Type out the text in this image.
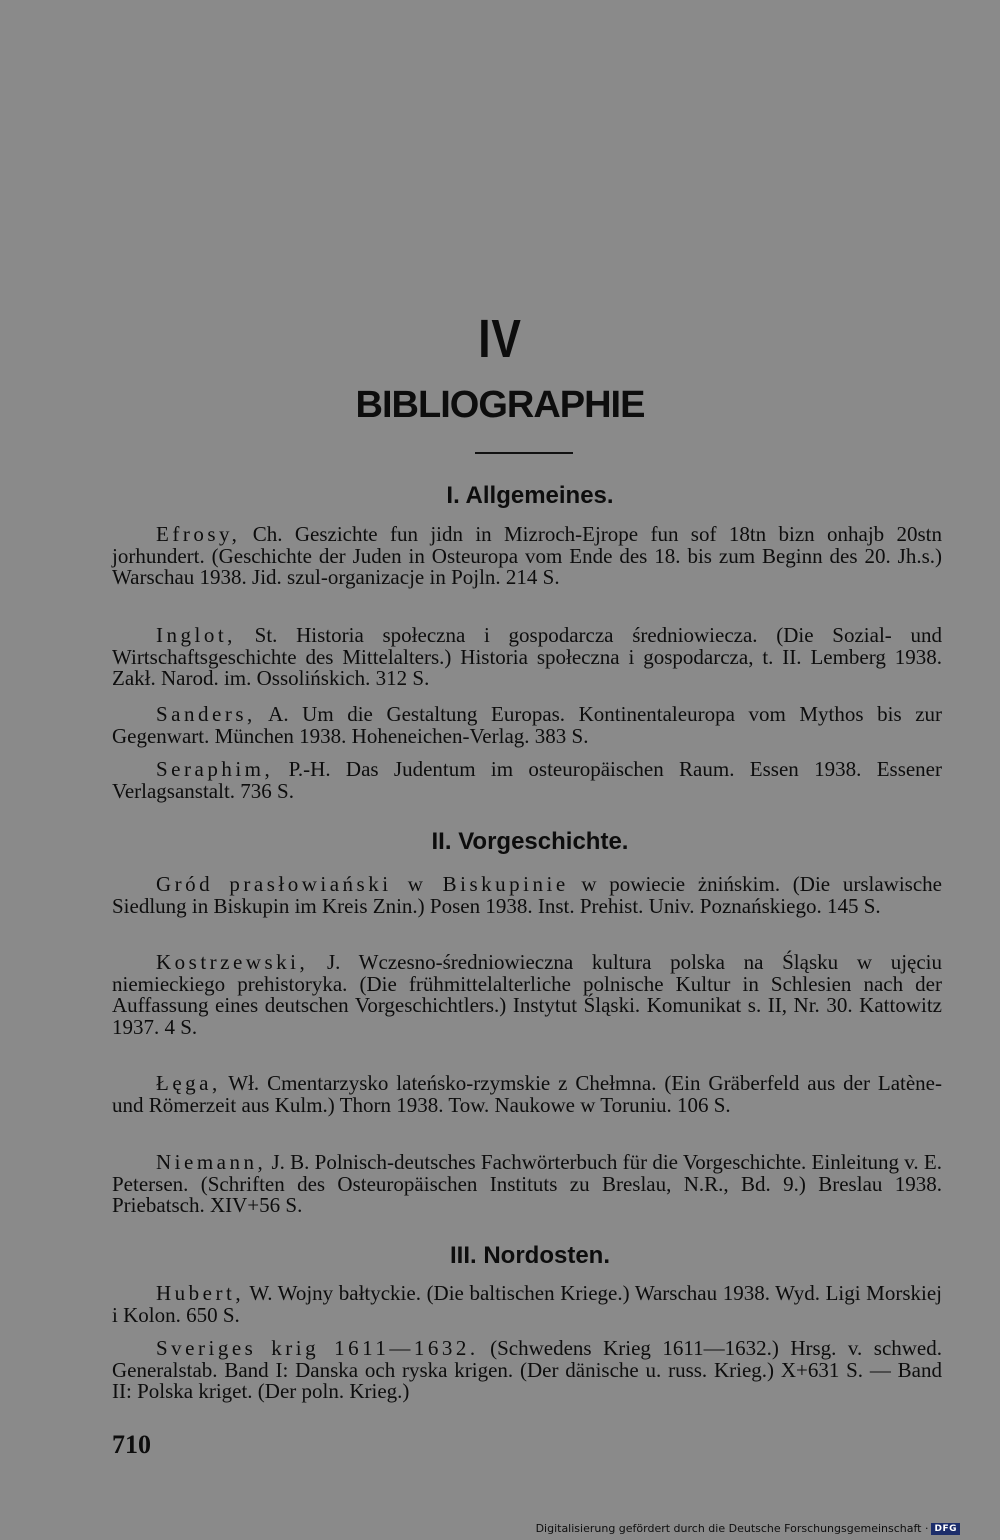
IV
BIBLIOGRAPHIE
I. Allgemeines.

Efrosy, Ch. Geszichte fun jidn in Mizroch-Ejrope fun sof 18tn bizn onhajb 20stn jorhundert. (Geschichte der Juden in Osteuropa vom Ende des 18. bis zum Beginn des 20. Jh.s.) Warschau 1938. Jid. szul-organizacje in Pojln. 214 S.

Inglot, St. Historia społeczna i gospodarcza średniowiecza. (Die Sozial- und Wirtschaftsgeschichte des Mittelalters.) Historia społeczna i gospodarcza, t. II. Lemberg 1938. Zakł. Narod. im. Ossolińskich. 312 S.

Sanders, A. Um die Gestaltung Europas. Kontinentaleuropa vom Mythos bis zur Gegenwart. München 1938. Hoheneichen-Verlag. 383 S.

Seraphim, P.-H. Das Judentum im osteuropäischen Raum. Essen 1938. Essener Verlagsanstalt. 736 S.

II. Vorgeschichte.

Gród prasłowiański w Biskupinie w powiecie żnińskim. (Die urslawische Siedlung in Biskupin im Kreis Znin.) Posen 1938. Inst. Prehist. Univ. Poznańskiego. 145 S.

Kostrzewski, J. Wczesno-średniowieczna kultura polska na Śląsku w ujęciu niemieckiego prehistoryka. (Die frühmittelalterliche polnische Kultur in Schlesien nach der Auffassung eines deutschen Vorgeschichtlers.) Instytut Śląski. Komunikat s. II, Nr. 30. Kattowitz 1937. 4 S.

Łęga, Wł. Cmentarzysko lateńsko-rzymskie z Chełmna. (Ein Gräberfeld aus der Latène- und Römerzeit aus Kulm.) Thorn 1938. Tow. Naukowe w Toruniu. 106 S.

Niemann, J. B. Polnisch-deutsches Fachwörterbuch für die Vorgeschichte. Einleitung v. E. Petersen. (Schriften des Osteuropäischen Instituts zu Breslau, N.R., Bd. 9.) Breslau 1938. Priebatsch. XIV+56 S.

III. Nordosten.

Hubert, W. Wojny bałtyckie. (Die baltischen Kriege.) Warschau 1938. Wyd. Ligi Morskiej i Kolon. 650 S.

Sveriges krig 1611—1632. (Schwedens Krieg 1611—1632.) Hrsg. v. schwed. Generalstab. Band I: Danska och ryska krigen. (Der dänische u. russ. Krieg.) X+631 S. — Band II: Polska kriget. (Der poln. Krieg.)

710
Digitalisierung gefördert durch die Deutsche Forschungsgemeinschaft · DFG
